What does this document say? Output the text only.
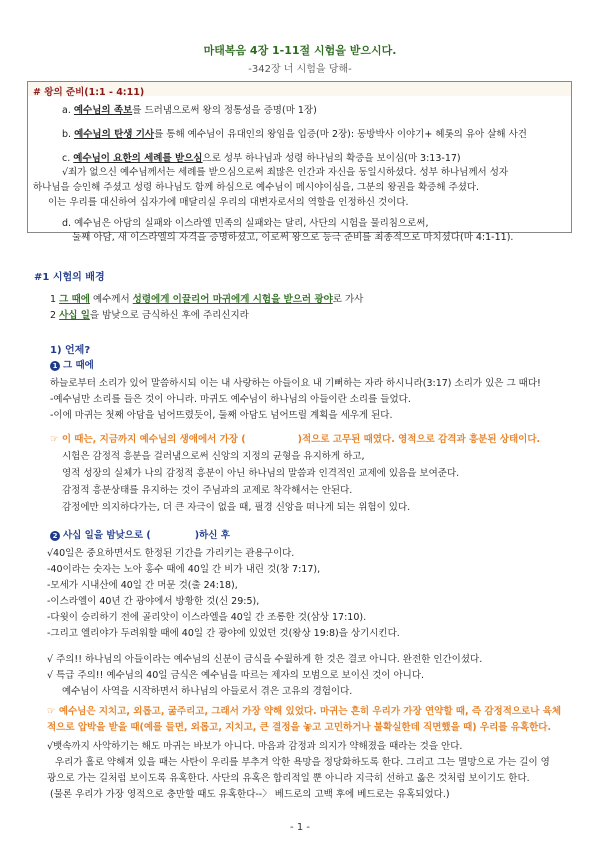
마태복음 4장 1-11절 시험을 받으시다.
-342장 너 시험을 당해-
# 왕의 준비(1:1 - 4:11)
a. 예수님의 족보를 드러냄으로써 왕의 정통성을 증명(마 1장)
b. 예수님의 탄생 기사를 통해 예수님이 유대인의 왕임을 입증(마 2장): 동방박사 이야기+ 헤롯의 유아 살해 사건
c. 예수님이 요한의 세례를 받으심으로 성부 하나님과 성령 하나님의 확증을 보이심(마 3:13-17)
√죄가 없으신 예수님께서는 세례를 받으심으로써 죄많은 인간과 자신을 동일시하셨다. 성부 하나님께서 성자
하나님을 승인해 주셨고 성령 하나님도 함께 하심으로 예수님이 메시야이심을, 그분의 왕권을 확증해 주셨다.
이는 우리를 대신하여 십자가에 매달리실 우리의 대변자로서의 역할을 인정하신 것이다.
d. 예수님은 아담의 실패와 이스라엘 민족의 실패와는 달리, 사단의 시험을 물리침으로써,
둘째 아담, 새 이스라엘의 자격을 증명하셨고, 이로써 왕으로 등극 준비를 최종적으로 마치셨다(마 4:1-11).
#1 시험의 배경
1 그 때에 예수께서 성령에게 이끌리어 마귀에게 시험을 받으러 광야로 가사
2 사십 일을 밤낮으로 금식하신 후에 주리신지라
1) 언제?
1 그 때에
하늘로부터 소리가 있어 말씀하시되 이는 내 사랑하는 아들이요 내 기뻐하는 자라 하시니라(3:17) 소리가 있은 그 때다!
-예수님만 소리를 들은 것이 아니라. 마귀도 예수님이 하나님의 아들이란 소리를 들었다.
-이에 마귀는 첫째 아담을 넘어뜨렸듯이, 둘째 아담도 넘어뜨릴 계획을 세우게 된다.
☞ 이 때는, 지금까지 예수님의 생애에서 가장 (	)적으로 고무된 때였다. 영적으로 감격과 흥분된 상태이다.
시험은 감정적 흥분을 걸러냄으로써 신앙의 지정의 균형을 유지하게 하고,
영적 성장의 실체가 나의 감정적 흥분이 아닌 하나님의 말씀과 인격적인 교제에 있음을 보여준다.
감정적 흥분상태를 유지하는 것이 주님과의 교제로 착각해서는 안된다.
감정에만 의지하다가는, 더 큰 자극이 없을 때, 필경 신앙을 떠나게 되는 위험이 있다.
2 사십 일을 밤낮으로 (	)하신 후
√40일은 중요하면서도 한정된 기간을 가리키는 관용구이다.
-40이라는 숫자는 노아 홍수 때에 40일 간 비가 내린 것(창 7:17),
-모세가 시내산에 40일 간 머문 것(출 24:18),
-이스라엘이 40년 간 광야에서 방황한 것(신 29:5),
-다윗이 승리하기 전에 골리앗이 이스라엘을 40일 간 조롱한 것(삼상 17:10).
-그리고 엘리야가 두려워할 때에 40일 간 광야에 있었던 것(왕상 19:8)을 상기시킨다.
√ 주의!! 하나님의 아들이라는 예수님의 신분이 금식을 수월하게 한 것은 결코 아니다. 완전한 인간이셨다.
√ 특급 주의!! 예수님의 40일 금식은 예수님을 따르는 제자의 모범으로 보이신 것이 아니다.
예수님이 사역을 시작하면서 하나님의 아들로서 겪은 고유의 경험이다.
☞ 예수님은 지치고, 외롭고, 굶주리고, 그래서 가장 약해 있었다. 마귀는 흔히 우리가 가장 연약할 때, 즉 감정적으로나 육체
적으로 압박을 받을 때(예를 들면, 외롭고, 지치고, 큰 결정을 놓고 고민하거나 불확실한데 직면했을 때) 우리를 유혹한다.
√뱃속까지 사악하기는 해도 마귀는 바보가 아니다. 마음과 감정과 의지가 약해졌을 때라는 것을 안다.
우리가 홀로 약해져 있을 때는 사탄이 우리를 부추겨 악한 욕망을 정당화하도록 한다. 그리고 그는 멸망으로 가는 길이 영
광으로 가는 길처럼 보이도록 유혹한다. 사단의 유혹은 합리적일 뿐 아니라 지극히 선하고 옳은 것처럼 보이기도 한다.
(물론 우리가 가장 영적으로 충만할 때도 유혹한다--〉 베드로의 고백 후에 베드로는 유혹되었다.)
- 1 -
